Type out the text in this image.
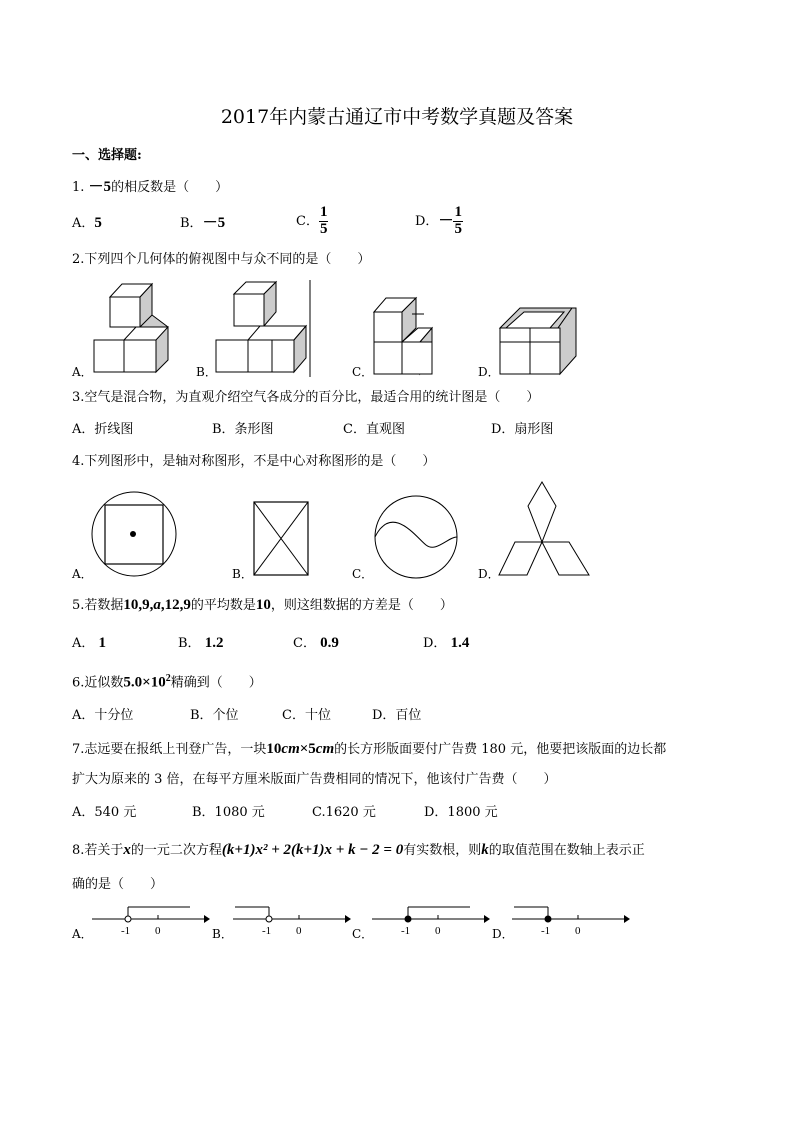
2017年内蒙古通辽市中考数学真题及答案
一、选择题:
1. －5的相反数是（　　）
A．5	B．－5	C． $\frac{1}{5}$	D．－ $\frac{1}{5}$
2.下列四个几何体的俯视图中与众不同的是（　　）
A．	B．	C．	D．
3.空气是混合物，为直观介绍空气各成分的百分比，最适合用的统计图是（　　）
A．折线图	B．条形图	C．直观图	D．扇形图
4.下列图形中，是轴对称图形，不是中心对称图形的是（　　）
A．	B．	C．	D．
5.若数据10,9,a,12,9的平均数是10，则这组数据的方差是（　　）
A． 1	B． 1.2	C． 0.9	D． 1.4
6.近似数$5.0\times 10^2$精确到（　　）
A．十分位	B．个位	C．十位	D．百位
7.志远要在报纸上刊登广告，一块10cm×5cm的长方形版面要付广告费 180 元，他要把该版面的边长都
扩大为原来的 3 倍，在每平方厘米版面广告费相同的情况下，他该付广告费（　　）
A．540 元	B．1080 元	C.1620 元	D．1800 元
8.若关于x的一元二次方程(k+1)x² + 2(k+1)x + k − 2 = 0有实数根，则k的取值范围在数轴上表示正
确的是（　　）
-1 0
A．	-1 0
B．	-1 0
C．	-1 0
D．
